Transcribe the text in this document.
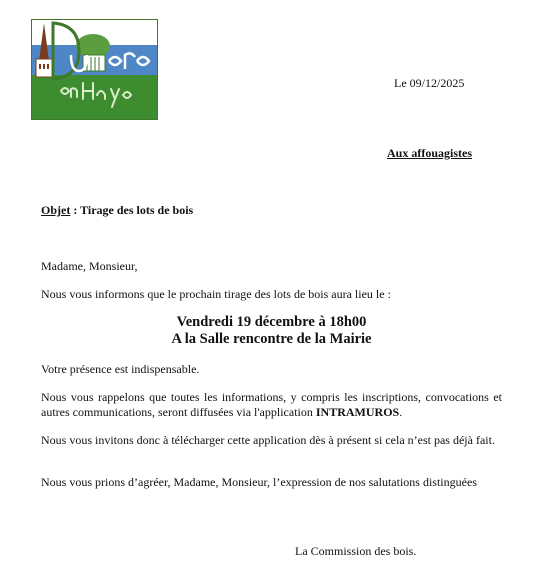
Le 09/12/2025
Aux affouagistes
Objet : Tirage des lots de bois
Madame, Monsieur,
Nous vous informons que le prochain tirage des lots de bois aura lieu le :
Vendredi 19 décembre à 18h00
A la Salle rencontre de la Mairie
Votre présence est indispensable.
Nous vous rappelons que toutes les informations, y compris les inscriptions, convocations et autres communications, seront diffusées via l'application INTRAMUROS.
Nous vous invitons donc à télécharger cette application dès à présent si cela n’est pas déjà fait.
Nous vous prions d’agréer, Madame, Monsieur, l’expression de nos salutations distinguées
La Commission des bois.
